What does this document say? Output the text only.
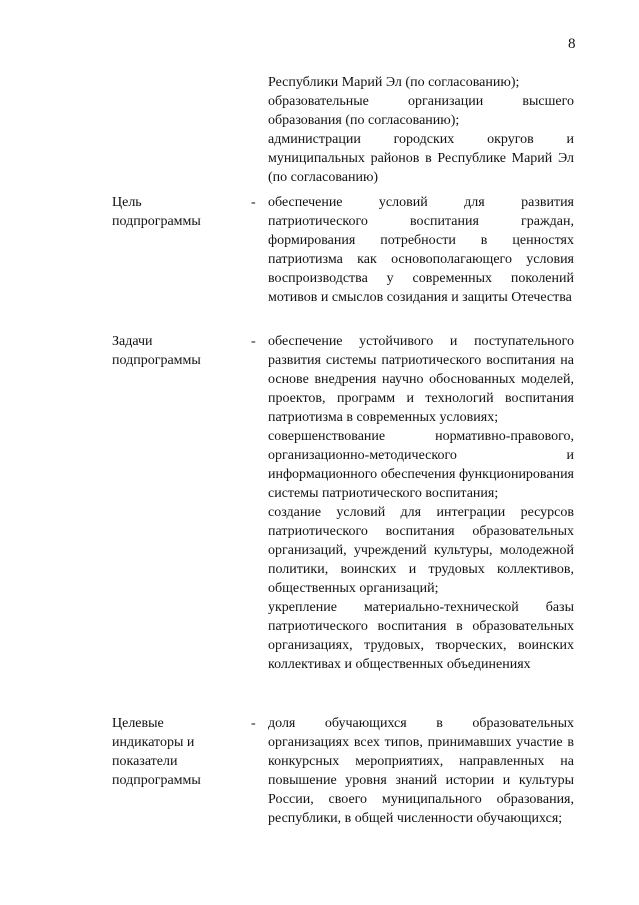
8

Республики Марий Эл (по согласованию);

образовательные организации высшего образования (по согласованию);

администрации городских округов и муниципальных районов в Республике Марий Эл (по согласованию)

Цель подпрограммы
- обеспечение условий для развития патриотического воспитания граждан, формирования потребности в ценностях патриотизма как основополагающего условия воспроизводства у современных поколений мотивов и смыслов созидания и защиты Отечества

Задачи подпрограммы
- обеспечение устойчивого и поступательного развития системы патриотического воспитания на основе внедрения научно обоснованных моделей, проектов, программ и технологий воспитания патриотизма в современных условиях;

совершенствование нормативно-правового, организационно-методического и информационного обеспечения функционирования системы патриотического воспитания;

создание условий для интеграции ресурсов патриотического воспитания образовательных организаций, учреждений культуры, молодежной политики, воинских и трудовых коллективов, общественных организаций;

укрепление материально-технической базы патриотического воспитания в образовательных организациях, трудовых, творческих, воинских коллективах и общественных объединениях

Целевые индикаторы и показатели подпрограммы
- доля обучающихся в образовательных организациях всех типов, принимавших участие в конкурсных мероприятиях, направленных на повышение уровня знаний истории и культуры России, своего муниципального образования, республики, в общей численности обучающихся;
